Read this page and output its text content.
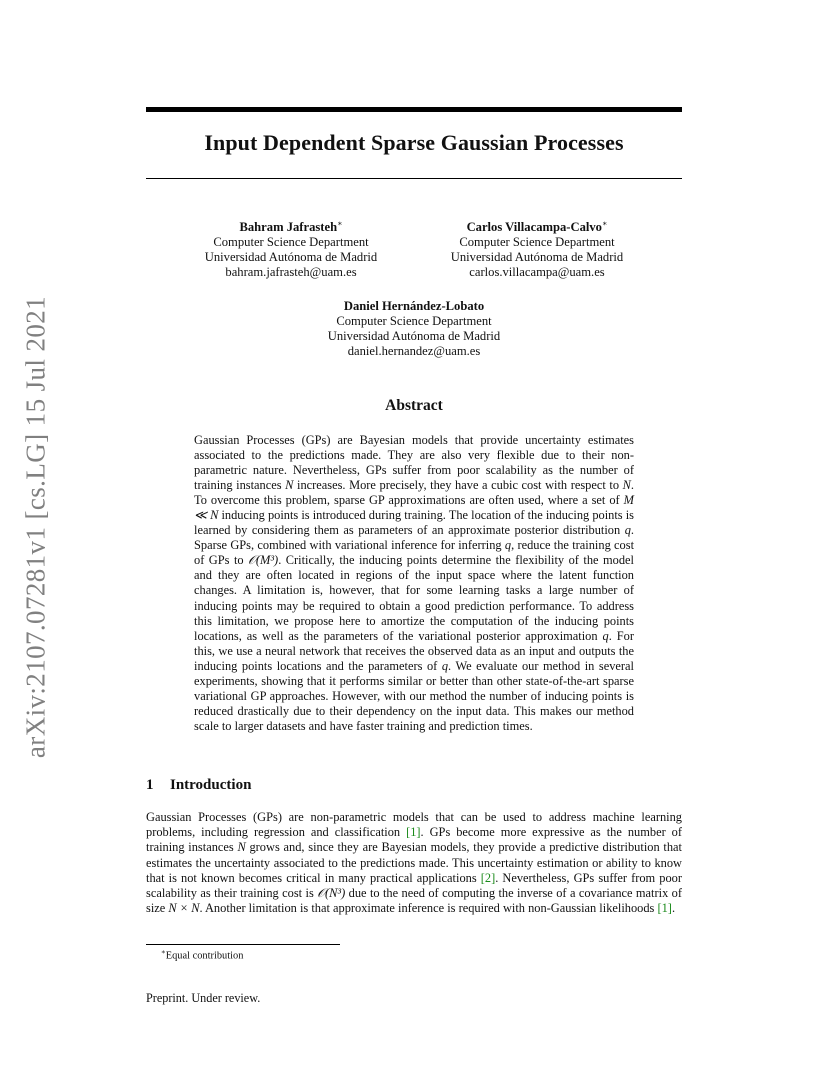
arXiv:2107.07281v1 [cs.LG] 15 Jul 2021
Input Dependent Sparse Gaussian Processes
Bahram Jafrasteh∗
Computer Science Department
Universidad Autónoma de Madrid
bahram.jafrasteh@uam.es
Carlos Villacampa-Calvo∗
Computer Science Department
Universidad Autónoma de Madrid
carlos.villacampa@uam.es
Daniel Hernández-Lobato
Computer Science Department
Universidad Autónoma de Madrid
daniel.hernandez@uam.es
Abstract
Gaussian Processes (GPs) are Bayesian models that provide uncertainty estimates associated to the predictions made. They are also very flexible due to their non-parametric nature. Nevertheless, GPs suffer from poor scalability as the number of training instances N increases. More precisely, they have a cubic cost with respect to N. To overcome this problem, sparse GP approximations are often used, where a set of M ≪ N inducing points is introduced during training. The location of the inducing points is learned by considering them as parameters of an approximate posterior distribution q. Sparse GPs, combined with variational inference for inferring q, reduce the training cost of GPs to 𝒪(M³). Critically, the inducing points determine the flexibility of the model and they are often located in regions of the input space where the latent function changes. A limitation is, however, that for some learning tasks a large number of inducing points may be required to obtain a good prediction performance. To address this limitation, we propose here to amortize the computation of the inducing points locations, as well as the parameters of the variational posterior approximation q. For this, we use a neural network that receives the observed data as an input and outputs the inducing points locations and the parameters of q. We evaluate our method in several experiments, showing that it performs similar or better than other state-of-the-art sparse variational GP approaches. However, with our method the number of inducing points is reduced drastically due to their dependency on the input data. This makes our method scale to larger datasets and have faster training and prediction times.
1 Introduction
Gaussian Processes (GPs) are non-parametric models that can be used to address machine learning problems, including regression and classification [1]. GPs become more expressive as the number of training instances N grows and, since they are Bayesian models, they provide a predictive distribution that estimates the uncertainty associated to the predictions made. This uncertainty estimation or ability to know that is not known becomes critical in many practical applications [2]. Nevertheless, GPs suffer from poor scalability as their training cost is 𝒪(N³) due to the need of computing the inverse of a covariance matrix of size N × N. Another limitation is that approximate inference is required with non-Gaussian likelihoods [1].
∗Equal contribution
Preprint. Under review.
